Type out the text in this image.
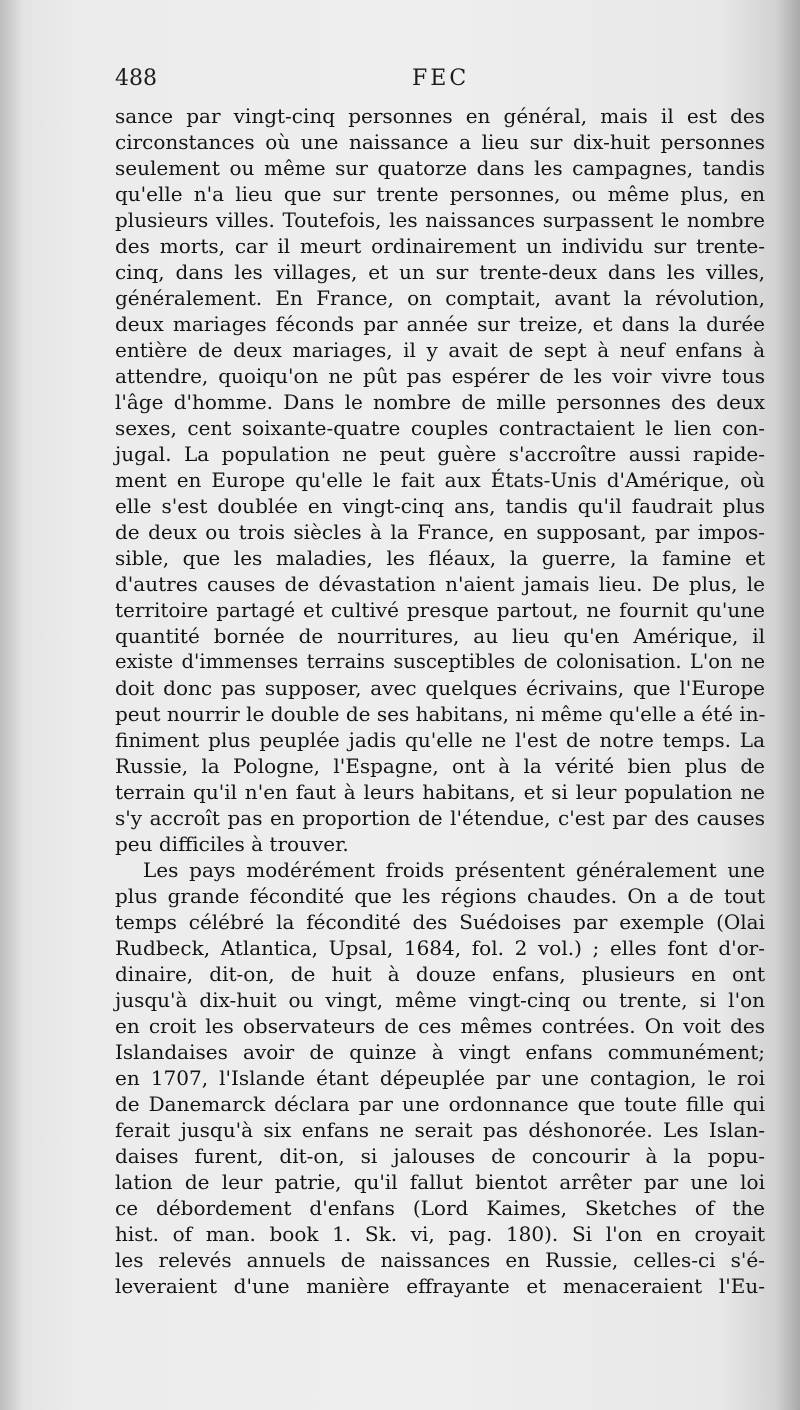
488	FEC
sance par vingt-cinq personnes en général, mais il est des
circonstances où une naissance a lieu sur dix-huit personnes
seulement ou même sur quatorze dans les campagnes, tandis
qu'elle n'a lieu que sur trente personnes, ou même plus, en
plusieurs villes. Toutefois, les naissances surpassent le nombre
des morts, car il meurt ordinairement un individu sur trente-
cinq, dans les villages, et un sur trente-deux dans les villes,
généralement. En France, on comptait, avant la révolution,
deux mariages féconds par année sur treize, et dans la durée
entière de deux mariages, il y avait de sept à neuf enfans à
attendre, quoiqu'on ne pût pas espérer de les voir vivre tous
l'âge d'homme. Dans le nombre de mille personnes des deux
sexes, cent soixante-quatre couples contractaient le lien con-
jugal. La population ne peut guère s'accroître aussi rapide-
ment en Europe qu'elle le fait aux États-Unis d'Amérique, où
elle s'est doublée en vingt-cinq ans, tandis qu'il faudrait plus
de deux ou trois siècles à la France, en supposant, par impos-
sible, que les maladies, les fléaux, la guerre, la famine et
d'autres causes de dévastation n'aient jamais lieu. De plus, le
territoire partagé et cultivé presque partout, ne fournit qu'une
quantité bornée de nourritures, au lieu qu'en Amérique, il
existe d'immenses terrains susceptibles de colonisation. L'on ne
doit donc pas supposer, avec quelques écrivains, que l'Europe
peut nourrir le double de ses habitans, ni même qu'elle a été in-
finiment plus peuplée jadis qu'elle ne l'est de notre temps. La
Russie, la Pologne, l'Espagne, ont à la vérité bien plus de
terrain qu'il n'en faut à leurs habitans, et si leur population ne
s'y accroît pas en proportion de l'étendue, c'est par des causes
peu difficiles à trouver.
Les pays modérément froids présentent généralement une
plus grande fécondité que les régions chaudes. On a de tout
temps célébré la fécondité des Suédoises par exemple (Olai
Rudbeck, Atlantica, Upsal, 1684, fol. 2 vol.) ; elles font d'or-
dinaire, dit-on, de huit à douze enfans, plusieurs en ont
jusqu'à dix-huit ou vingt, même vingt-cinq ou trente, si l'on
en croit les observateurs de ces mêmes contrées. On voit des
Islandaises avoir de quinze à vingt enfans communément;
en 1707, l'Islande étant dépeuplée par une contagion, le roi
de Danemarck déclara par une ordonnance que toute fille qui
ferait jusqu'à six enfans ne serait pas déshonorée. Les Islan-
daises furent, dit-on, si jalouses de concourir à la popu-
lation de leur patrie, qu'il fallut bientot arrêter par une loi
ce débordement d'enfans (Lord Kaimes, Sketches of the
hist. of man. book 1. Sk. vi, pag. 180). Si l'on en croyait
les relevés annuels de naissances en Russie, celles-ci s'é-
leveraient d'une manière effrayante et menaceraient l'Eu-
